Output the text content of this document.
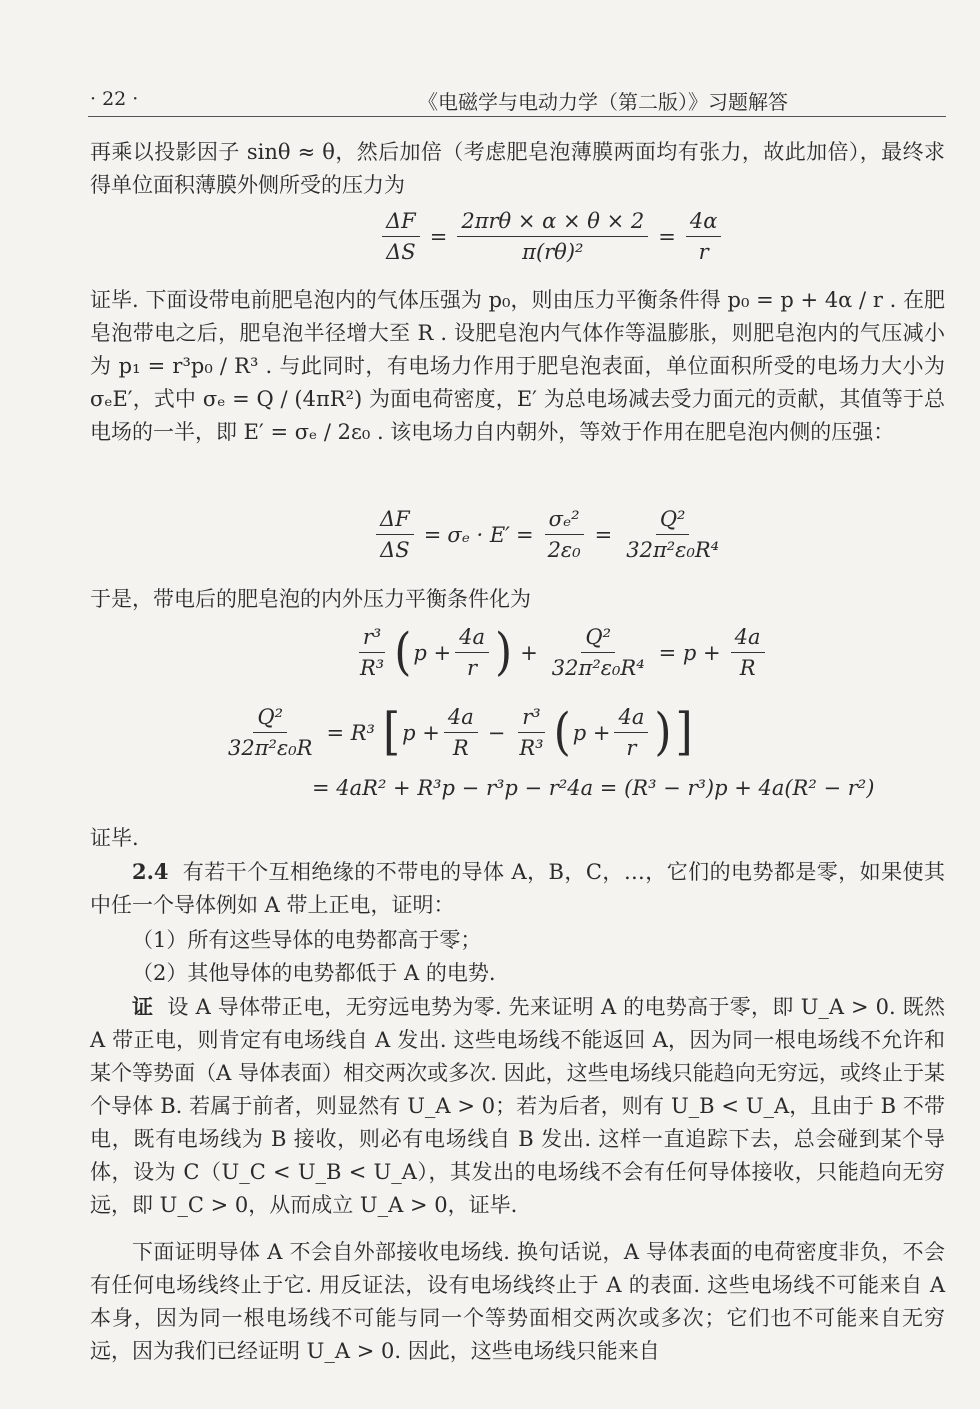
· 22 ·	《电磁学与电动力学（第二版）》习题解答

再乘以投影因子 sinθ ≈ θ，然后加倍（考虑肥皂泡薄膜两面均有张力，故此加倍），最终求得单位面积薄膜外侧所受的压力为

$\frac{\Delta F}{\Delta S} = \frac{\text{2πrθ × α × θ × 2}}{\text{π(rθ)²}} = \frac{4\alpha}{r}$

证毕. 下面设带电前肥皂泡内的气体压强为 p₀，则由压力平衡条件得 p₀ = p + 4α / r . 在肥皂泡带电之后，肥皂泡半径增大至 R . 设肥皂泡内气体作等温膨胀，则肥皂泡内的气压减小为 p₁ = r³p₀ / R³ . 与此同时，有电场力作用于肥皂泡表面，单位面积所受的电场力大小为 σₑE′，式中 σₑ = Q / (4πR²) 为面电荷密度，E′ 为总电场减去受力面元的贡献，其值等于总电场的一半，即 E′ = σₑ / 2ε₀ . 该电场力自内朝外，等效于作用在肥皂泡内侧的压强：

$\frac{\Delta F}{\Delta S} = \sigma_e \cdot E' = \frac{\text{σₑ²}}{\text{2ε₀}} = \frac{\text{Q²}}{\text{32π²ε₀R⁴}}$

于是，带电后的肥皂泡的内外压力平衡条件化为

$\frac{\text{r³}}{\text{R³}}$ ( $p + \frac{4a}{r}$ ) + $\frac{\text{Q²}}{\text{32π²ε₀R⁴}} = p + \frac{4a}{R}$
$\frac{\text{Q²}}{\text{32π²ε₀R}} = R^3$ [ $p + \frac{4a}{R} - \frac{\text{r³}}{\text{R³}}$ ( $p + \frac{4a}{r}$ ) ]
= 4aR² + R³p − r³p − r²4a = (R³ − r³)p + 4a(R² − r²)

证毕.

2.4 有若干个互相绝缘的不带电的导体 A，B，C，…，它们的电势都是零，如果使其中任一个导体例如 A 带上正电，证明：

（1）所有这些导体的电势都高于零；

（2）其他导体的电势都低于 A 的电势.

证 设 A 导体带正电，无穷远电势为零. 先来证明 A 的电势高于零，即 U_A > 0. 既然 A 带正电，则肯定有电场线自 A 发出. 这些电场线不能返回 A，因为同一根电场线不允许和某个等势面（A 导体表面）相交两次或多次. 因此，这些电场线只能趋向无穷远，或终止于某个导体 B. 若属于前者，则显然有 U_A > 0；若为后者，则有 U_B < U_A，且由于 B 不带电，既有电场线为 B 接收，则必有电场线自 B 发出. 这样一直追踪下去，总会碰到某个导体，设为 C（U_C < U_B < U_A），其发出的电场线不会有任何导体接收，只能趋向无穷远，即 U_C > 0，从而成立 U_A > 0，证毕.

下面证明导体 A 不会自外部接收电场线. 换句话说，A 导体表面的电荷密度非负，不会有任何电场线终止于它. 用反证法，设有电场线终止于 A 的表面. 这些电场线不可能来自 A 本身，因为同一根电场线不可能与同一个等势面相交两次或多次；它们也不可能来自无穷远，因为我们已经证明 U_A > 0. 因此，这些电场线只能来自
